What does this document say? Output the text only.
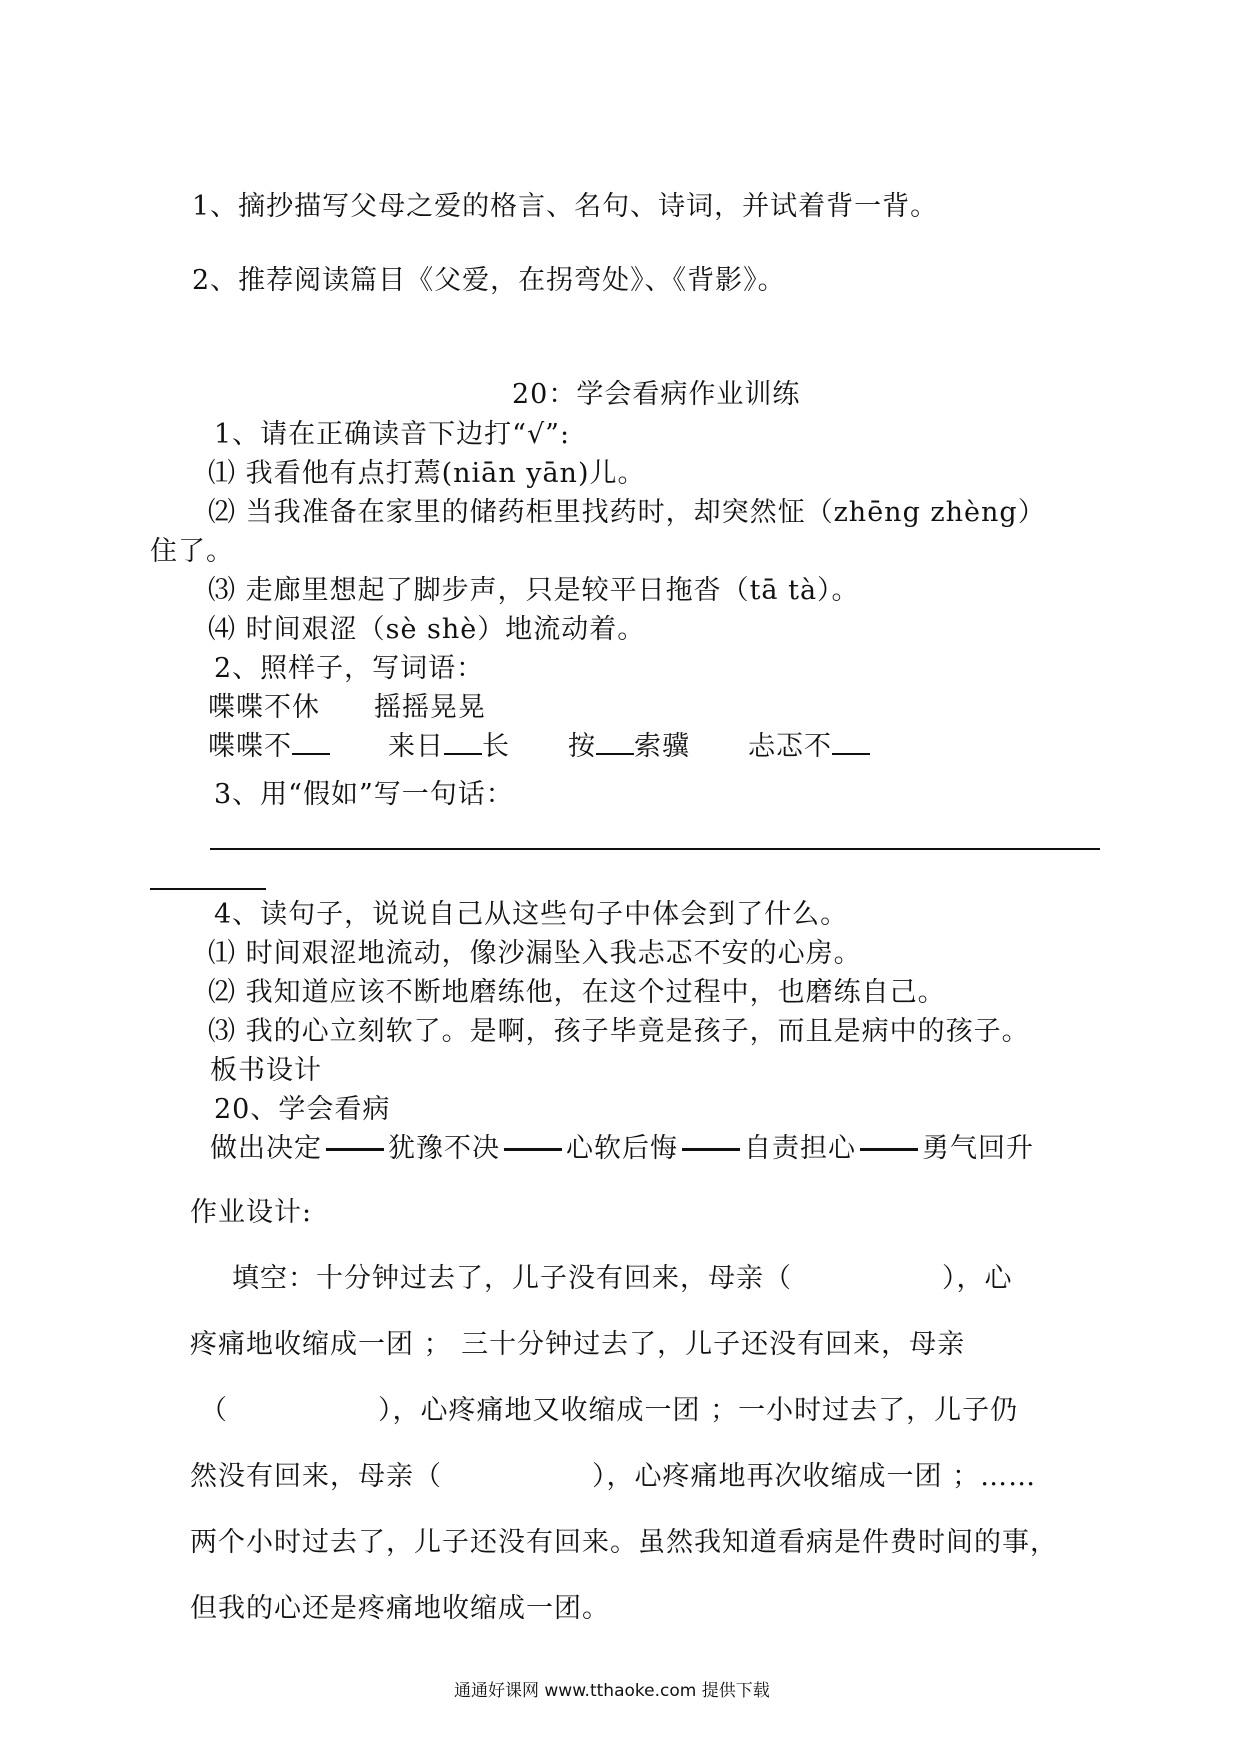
1、摘抄描写父母之爱的格言、名句、诗词，并试着背一背。
2、推荐阅读篇目《父爱，在拐弯处》、《背影》。
20：学会看病作业训练
1、请在正确读音下边打“√”:
⑴ 我看他有点打蔫(niān yān)儿。
⑵ 当我准备在家里的储药柜里找药时，却突然怔（zhēng zhèng）
住了。
⑶ 走廊里想起了脚步声，只是较平日拖沓（tā tà）。
⑷ 时间艰涩（sè shè）地流动着。
2、照样子，写词语：
喋喋不休 摇摇晃晃
喋喋不	来日 长 按 索骥 忐忑不
3、用“假如”写一句话：
4、读句子，说说自己从这些句子中体会到了什么。
⑴ 时间艰涩地流动，像沙漏坠入我忐忑不安的心房。
⑵ 我知道应该不断地磨练他，在这个过程中，也磨练自己。
⑶ 我的心立刻软了。是啊，孩子毕竟是孩子，而且是病中的孩子。
板书设计
20、学会看病
做出决定 犹豫不决 心软后悔 自责担心 勇气回升
作业设计:
填空：十分钟过去了，儿子没有回来，母亲（	），心
疼痛地收缩成一团 ； 三十分钟过去了，儿子还没有回来，母亲
（	），心疼痛地又收缩成一团 ；一小时过去了，儿子仍
然没有回来，母亲（	），心疼痛地再次收缩成一团 ；……
两个小时过去了，儿子还没有回来。虽然我知道看病是件费时间的事，
但我的心还是疼痛地收缩成一团。
通通好课网 www.tthaoke.com 提供下载
